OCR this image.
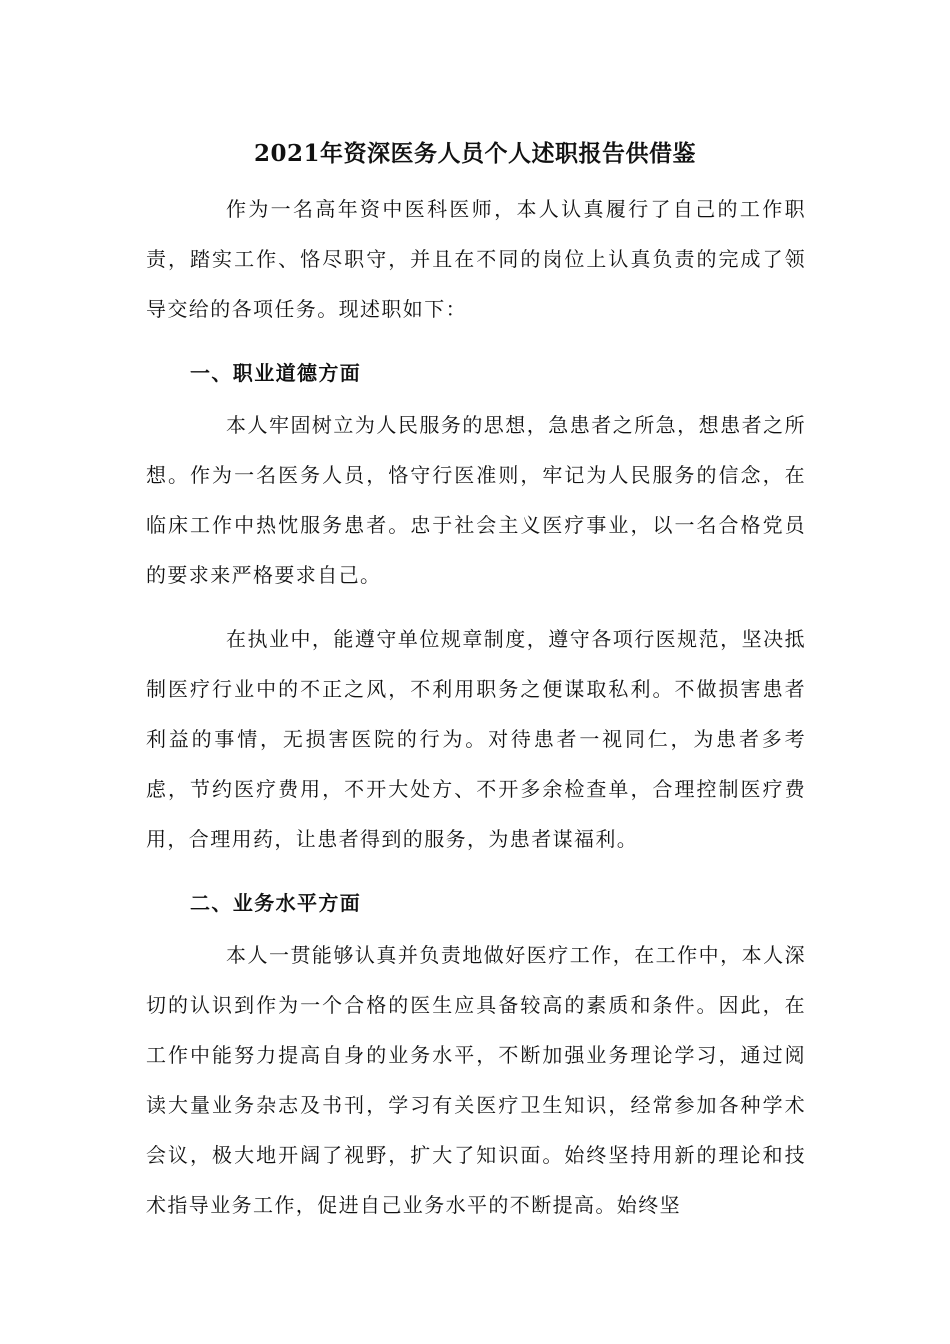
2021年资深医务人员个人述职报告供借鉴

作为一名高年资中医科医师，本人认真履行了自己的工作职责，踏实工作、恪尽职守，并且在不同的岗位上认真负责的完成了领导交给的各项任务。现述职如下：

一、职业道德方面

本人牢固树立为人民服务的思想，急患者之所急，想患者之所想。作为一名医务人员，恪守行医准则，牢记为人民服务的信念，在临床工作中热忱服务患者。忠于社会主义医疗事业，以一名合格党员的要求来严格要求自己。

在执业中，能遵守单位规章制度，遵守各项行医规范，坚决抵制医疗行业中的不正之风，不利用职务之便谋取私利。不做损害患者利益的事情，无损害医院的行为。对待患者一视同仁，为患者多考虑，节约医疗费用，不开大处方、不开多余检查单，合理控制医疗费用，合理用药，让患者得到的服务，为患者谋福利。

二、业务水平方面

本人一贯能够认真并负责地做好医疗工作，在工作中，本人深切的认识到作为一个合格的医生应具备较高的素质和条件。因此，在工作中能努力提高自身的业务水平，不断加强业务理论学习，通过阅读大量业务杂志及书刊，学习有关医疗卫生知识，经常参加各种学术会议，极大地开阔了视野，扩大了知识面。始终坚持用新的理论和技术指导业务工作，促进自己业务水平的不断提高。始终坚
